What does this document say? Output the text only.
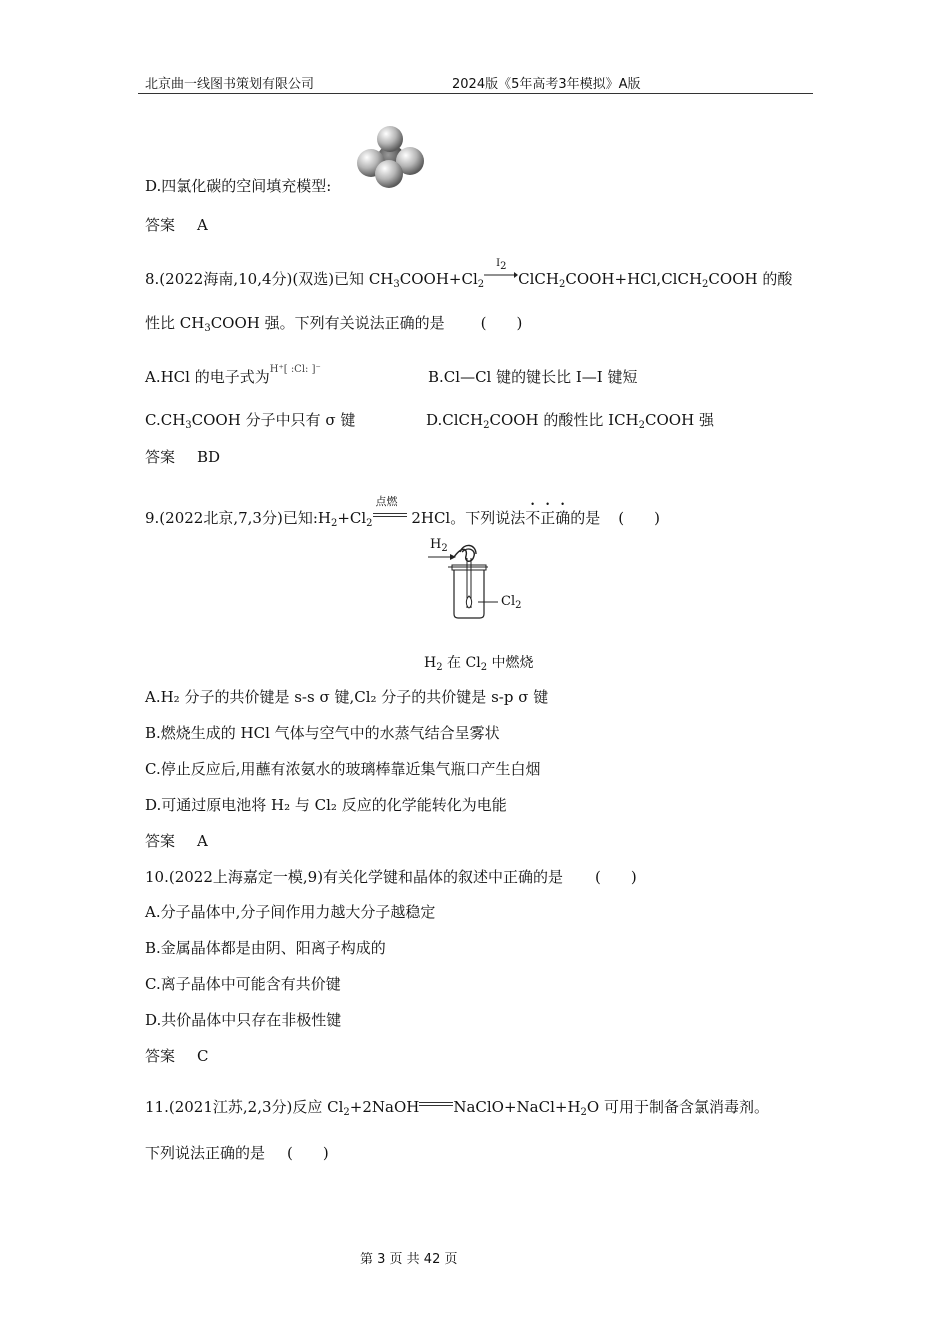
北京曲一线图书策划有限公司	2024版《5年高考3年模拟》A版
D.四氯化碳的空间填充模型:
答案 A
8.(2022海南,10,4分)(双选)已知 $CH_3COOH+Cl_2$
$I_2$
ClCH$_2$COOH+HCl,ClCH$_2$COOH 的酸
性比 $CH_3COOH$ 强。下列有关说法正确的是 (　　)
A.HCl 的电子式为$^{H^+[ :Cl: ]^-}$	B.Cl—Cl 键的键长比 I—I 键短
$C.CH_3COOH$ 分子中只有 σ 键	D.ClCH$_2$COOH 的酸性比 $ICH_2COOH$ 强
答案 BD
9.(2022北京,7,3分)已知$:H_2+Cl_2$
点燃
2HCl。下列说法不正确的是 (　　)
$H_2$
$Cl_2$
$H_2$ 在 $Cl_2$ 中燃烧
A.H₂ 分子的共价键是 s-s σ 键,Cl₂ 分子的共价键是 s-p σ 键
B.燃烧生成的 HCl 气体与空气中的水蒸气结合呈雾状
C.停止反应后,用蘸有浓氨水的玻璃棒靠近集气瓶口产生白烟
D.可通过原电池将 H₂ 与 Cl₂ 反应的化学能转化为电能
答案 A
10.(2022上海嘉定一模,9)有关化学键和晶体的叙述中正确的是 (　　)
A.分子晶体中,分子间作用力越大分子越稳定
B.金属晶体都是由阴、阳离子构成的
C.离子晶体中可能含有共价键
D.共价晶体中只存在非极性键
答案 C
11.(2021江苏,2,3分)反应 $Cl_2+2NaOH$ $NaClO+NaCl+H_2O$ 可用于制备含氯消毒剂。
下列说法正确的是 (　　)
第 3 页 共 42 页
